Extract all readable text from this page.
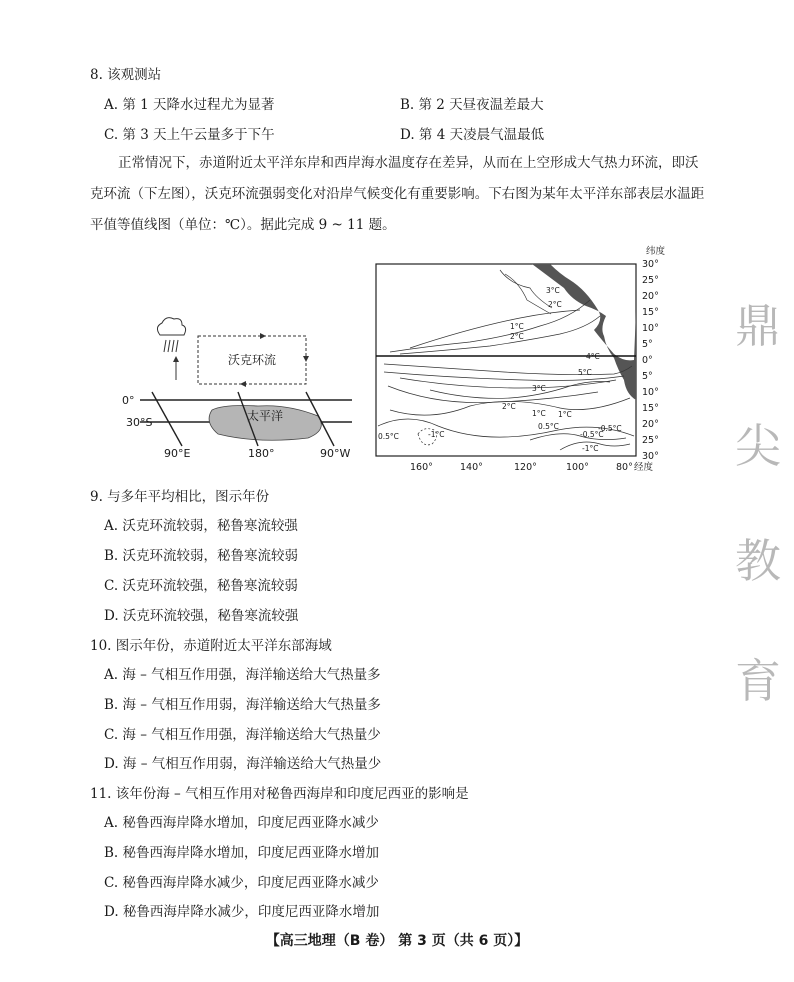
8. 该观测站
A. 第 1 天降水过程尤为显著	B. 第 2 天昼夜温差最大
C. 第 3 天上午云量多于下午	D. 第 4 天凌晨气温最低
正常情况下，赤道附近太平洋东岸和西岸海水温度存在差异，从而在上空形成大气热力环流，即沃克环流（下左图），沃克环流强弱变化对沿岸气候变化有重要影响。下右图为某年太平洋东部表层水温距平值等值线图（单位：℃）。据此完成 9 ~ 11 题。
沃克环流
太平洋
0°
30°S
90°E	180°	90°W
3°C
2°C
1°C
2°C
4°C
5°C
3°C
2°C
1°C
0.5°C
-0.5°C
-1°C
-1°C
-0.5°C
0.5°C
1°C
纬度
30°
25°
20°
15°
10°
5°
0°
5°
10°
15°
20°
25°
30°
160°	140°	120°	100°	80° 经度
9. 与多年平均相比，图示年份
A. 沃克环流较弱，秘鲁寒流较强
B. 沃克环流较弱，秘鲁寒流较弱
C. 沃克环流较强，秘鲁寒流较弱
D. 沃克环流较强，秘鲁寒流较强
10. 图示年份，赤道附近太平洋东部海域
A. 海 – 气相互作用强，海洋输送给大气热量多
B. 海 – 气相互作用弱，海洋输送给大气热量多
C. 海 – 气相互作用强，海洋输送给大气热量少
D. 海 – 气相互作用弱，海洋输送给大气热量少
11. 该年份海 – 气相互作用对秘鲁西海岸和印度尼西亚的影响是
A. 秘鲁西海岸降水增加，印度尼西亚降水减少
B. 秘鲁西海岸降水增加，印度尼西亚降水增加
C. 秘鲁西海岸降水减少，印度尼西亚降水减少
D. 秘鲁西海岸降水减少，印度尼西亚降水增加
鼎
尖
教
育
【高三地理（B 卷） 第 3 页（共 6 页）】
